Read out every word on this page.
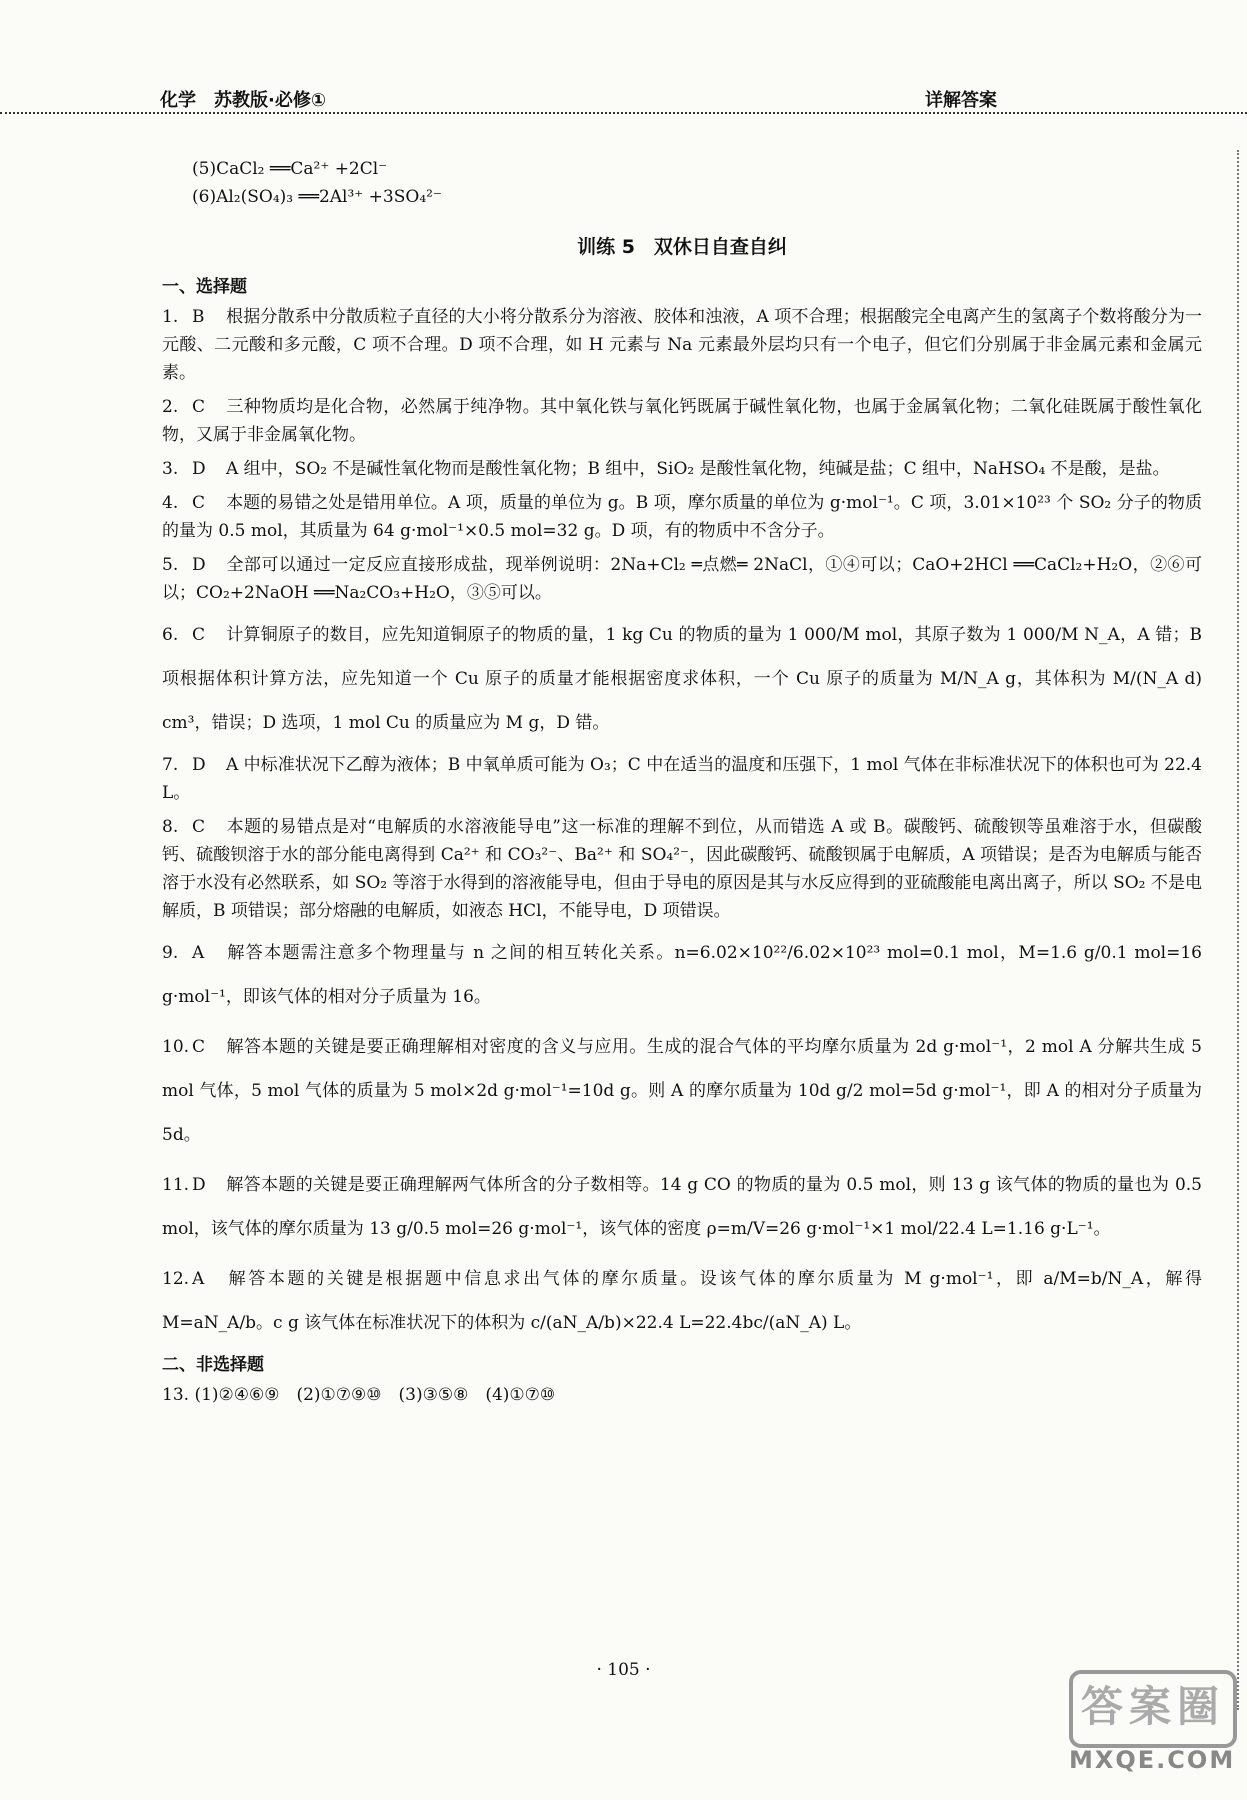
化学　苏教版·必修①	详解答案
(5)CaCl₂ ══Ca²⁺ +2Cl⁻
(6)Al₂(SO₄)₃ ══2Al³⁺ +3SO₄²⁻
训练 5　双休日自查自纠
一、选择题
1. B 根据分散系中分散质粒子直径的大小将分散系分为溶液、胶体和浊液，A 项不合理；根据酸完全电离产生的氢离子个数将酸分为一元酸、二元酸和多元酸，C 项不合理。D 项不合理，如 H 元素与 Na 元素最外层均只有一个电子，但它们分别属于非金属元素和金属元素。
2. C 三种物质均是化合物，必然属于纯净物。其中氧化铁与氧化钙既属于碱性氧化物，也属于金属氧化物；二氧化硅既属于酸性氧化物，又属于非金属氧化物。
3. D A 组中，SO₂ 不是碱性氧化物而是酸性氧化物；B 组中，SiO₂ 是酸性氧化物，纯碱是盐；C 组中，NaHSO₄ 不是酸，是盐。
4. C 本题的易错之处是错用单位。A 项，质量的单位为 g。B 项，摩尔质量的单位为 g·mol⁻¹。C 项，3.01×10²³ 个 SO₂ 分子的物质的量为 0.5 mol，其质量为 64 g·mol⁻¹×0.5 mol=32 g。D 项，有的物质中不含分子。
5. D 全部可以通过一定反应直接形成盐，现举例说明：2Na+Cl₂ ═点燃═ 2NaCl，①④可以；CaO+2HCl ══CaCl₂+H₂O，②⑥可以；CO₂+2NaOH ══Na₂CO₃+H₂O，③⑤可以。
6. C 计算铜原子的数目，应先知道铜原子的物质的量，1 kg Cu 的物质的量为 1 000/M mol，其原子数为 1 000/M N_A，A 错；B 项根据体积计算方法，应先知道一个 Cu 原子的质量才能根据密度求体积，一个 Cu 原子的质量为 M/N_A g，其体积为 M/(N_A d) cm³，错误；D 选项，1 mol Cu 的质量应为 M g，D 错。
7. D A 中标准状况下乙醇为液体；B 中氧单质可能为 O₃；C 中在适当的温度和压强下，1 mol 气体在非标准状况下的体积也可为 22.4 L。
8. C 本题的易错点是对“电解质的水溶液能导电”这一标准的理解不到位，从而错选 A 或 B。碳酸钙、硫酸钡等虽难溶于水，但碳酸钙、硫酸钡溶于水的部分能电离得到 Ca²⁺ 和 CO₃²⁻、Ba²⁺ 和 SO₄²⁻，因此碳酸钙、硫酸钡属于电解质，A 项错误；是否为电解质与能否溶于水没有必然联系，如 SO₂ 等溶于水得到的溶液能导电，但由于导电的原因是其与水反应得到的亚硫酸能电离出离子，所以 SO₂ 不是电解质，B 项错误；部分熔融的电解质，如液态 HCl，不能导电，D 项错误。
9. A 解答本题需注意多个物理量与 n 之间的相互转化关系。n=6.02×10²²/6.02×10²³ mol=0.1 mol，M=1.6 g/0.1 mol=16 g·mol⁻¹，即该气体的相对分子质量为 16。
10. C 解答本题的关键是要正确理解相对密度的含义与应用。生成的混合气体的平均摩尔质量为 2d g·mol⁻¹，2 mol A 分解共生成 5 mol 气体，5 mol 气体的质量为 5 mol×2d g·mol⁻¹=10d g。则 A 的摩尔质量为 10d g/2 mol=5d g·mol⁻¹，即 A 的相对分子质量为 5d。
11. D 解答本题的关键是要正确理解两气体所含的分子数相等。14 g CO 的物质的量为 0.5 mol，则 13 g 该气体的物质的量也为 0.5 mol，该气体的摩尔质量为 13 g/0.5 mol=26 g·mol⁻¹，该气体的密度 ρ=m/V=26 g·mol⁻¹×1 mol/22.4 L=1.16 g·L⁻¹。
12. A 解答本题的关键是根据题中信息求出气体的摩尔质量。设该气体的摩尔质量为 M g·mol⁻¹，即 a/M=b/N_A，解得 M=aN_A/b。c g 该气体在标准状况下的体积为 c/(aN_A/b)×22.4 L=22.4bc/(aN_A) L。
二、非选择题
13. (1)②④⑥⑨　(2)①⑦⑨⑩　(3)③⑤⑧　(4)①⑦⑩
· 105 ·
答案圈
MXQE.COM
